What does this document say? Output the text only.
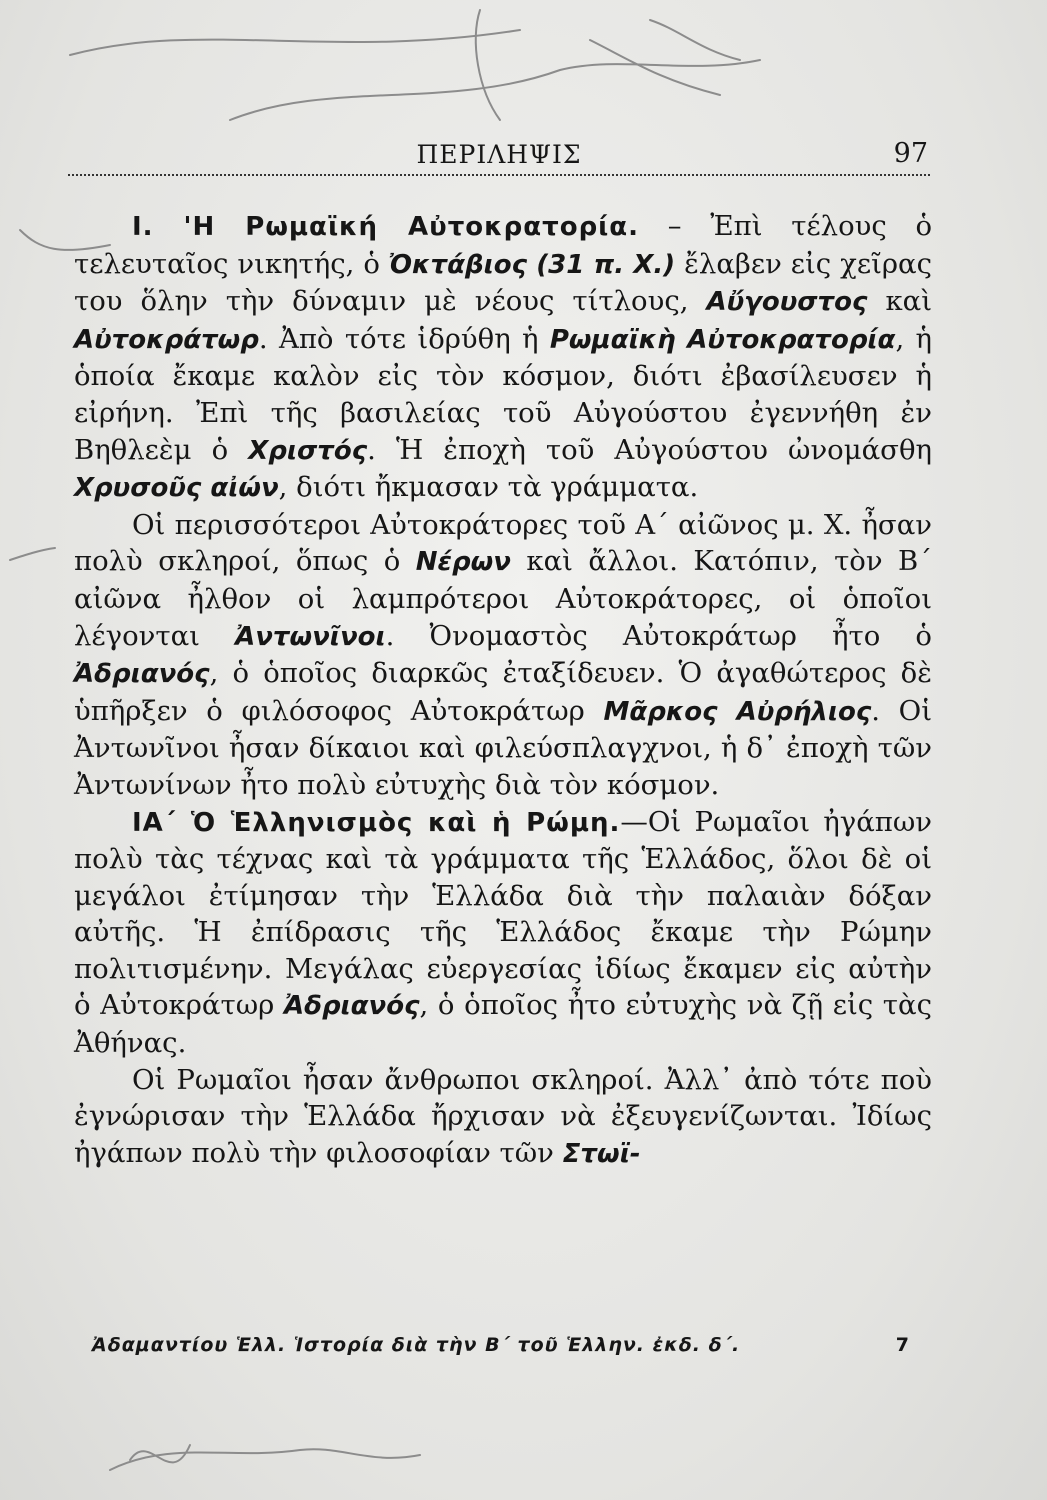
ΠΕΡΙΛΗΨΙΣ	97

Ι. 'Η Ρωμαϊκή Αὐτοκρατορία. – Ἐπὶ τέλους ὁ τελευταῖος νικητής, ὁ Ὀκτάβιος (31 π. Χ.) ἔλαβεν εἰς χεῖρας του ὅλην τὴν δύναμιν μὲ νέους τίτλους, Αὔγουστος καὶ Αὐτοκράτωρ. Ἀπὸ τότε ἱδρύθη ἡ Ρωμαϊκὴ Αὐτοκρατορία, ἡ ὁποία ἔκαμε καλὸν εἰς τὸν κόσμον, διότι ἐβασίλευσεν ἡ εἰρήνη. Ἐπὶ τῆς βασιλείας τοῦ Αὐγούστου ἐγεννήθη ἐν Βηθλεὲμ ὁ Χριστός. Ἡ ἐποχὴ τοῦ Αὐγούστου ὠνομάσθη Χρυσοῦς αἰών, διότι ἤκμασαν τὰ γράμματα.

Οἱ περισσότεροι Αὐτοκράτορες τοῦ Α΄ αἰῶνος μ. Χ. ἦσαν πολὺ σκληροί, ὅπως ὁ Νέρων καὶ ἄλλοι. Κατόπιν, τὸν Β΄ αἰῶνα ἦλθον οἱ λαμπρότεροι Αὐτοκράτορες, οἱ ὁποῖοι λέγονται Ἀντωνῖνοι. Ὀνομαστὸς Αὐτοκράτωρ ἦτο ὁ Ἀδριανός, ὁ ὁποῖος διαρκῶς ἐταξίδευεν. Ὁ ἀγαθώτερος δὲ ὑπῆρξεν ὁ φιλόσοφος Αὐτοκράτωρ Μᾶρκος Αὐρήλιος. Οἱ Ἀντωνῖνοι ἦσαν δίκαιοι καὶ φιλεύσπλαγχνοι, ἡ δ᾿ ἐποχὴ τῶν Ἀντωνίνων ἦτο πολὺ εὐτυχὴς διὰ τὸν κόσμον.

ΙΑ΄ Ὁ Ἑλληνισμὸς καὶ ἡ Ρώμη.—Οἱ Ρωμαῖοι ἠγάπων πολὺ τὰς τέχνας καὶ τὰ γράμματα τῆς Ἑλλάδος, ὅλοι δὲ οἱ μεγάλοι ἐτίμησαν τὴν Ἑλλάδα διὰ τὴν παλαιὰν δόξαν αὐτῆς. Ἡ ἐπίδρασις τῆς Ἑλλάδος ἔκαμε τὴν Ρώμην πολιτισμένην. Μεγάλας εὐεργεσίας ἰδίως ἔκαμεν εἰς αὐτὴν ὁ Αὐτοκράτωρ Ἀδριανός, ὁ ὁποῖος ἦτο εὐτυχὴς νὰ ζῇ εἰς τὰς Ἀθήνας.

Οἱ Ρωμαῖοι ἦσαν ἄνθρωποι σκληροί. Ἀλλ᾿ ἀπὸ τότε ποὺ ἐγνώρισαν τὴν Ἑλλάδα ἤρχισαν νὰ ἐξευγενίζωνται. Ἰδίως ἠγάπων πολὺ τὴν φιλοσοφίαν τῶν Στωϊ-

Ἀδαμαντίου Ἑλλ. Ἱστορία διὰ τὴν Β΄ τοῦ Ἑλλην. ἐκδ. δ΄.	7
